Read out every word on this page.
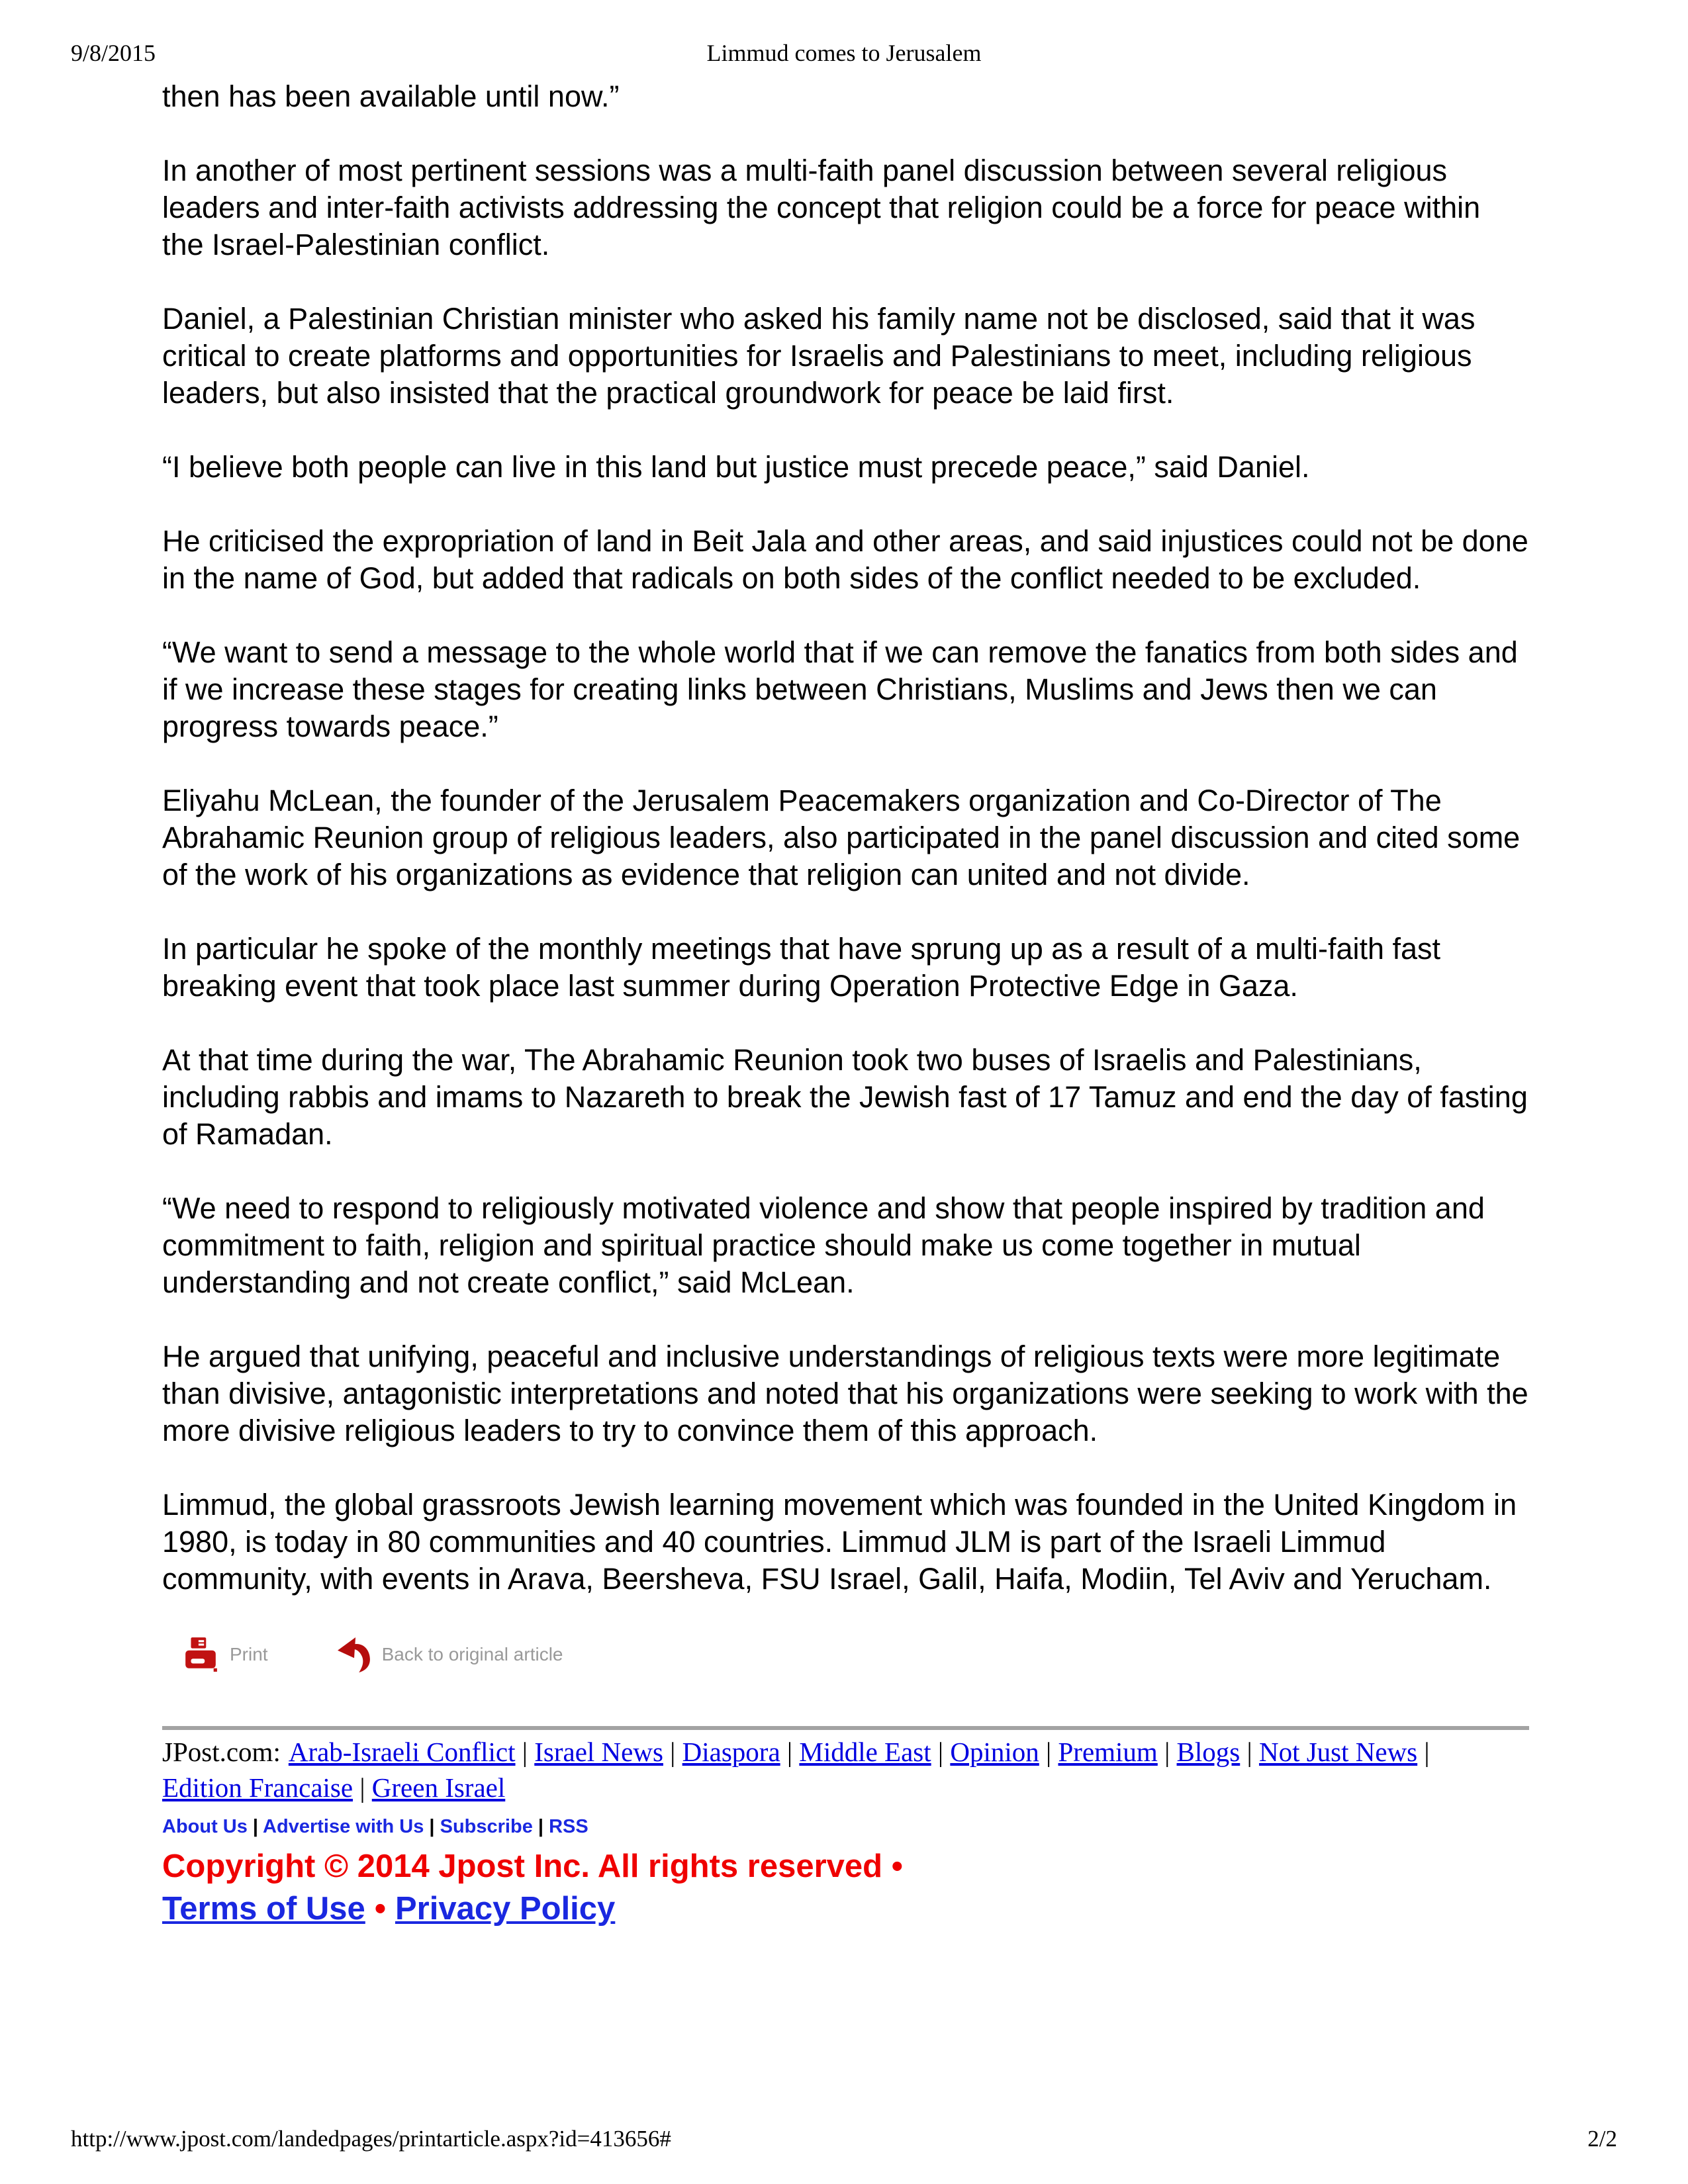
9/8/2015	Limmud comes to Jerusalem

then has been available until now.”

In another of most pertinent sessions was a multi-faith panel discussion between several religious leaders and inter-faith activists addressing the concept that religion could be a force for peace within the Israel-Palestinian conflict.

Daniel, a Palestinian Christian minister who asked his family name not be disclosed, said that it was critical to create platforms and opportunities for Israelis and Palestinians to meet, including religious leaders, but also insisted that the practical groundwork for peace be laid first.

“I believe both people can live in this land but justice must precede peace,” said Daniel.

He criticised the expropriation of land in Beit Jala and other areas, and said injustices could not be done in the name of God, but added that radicals on both sides of the conflict needed to be excluded.

“We want to send a message to the whole world that if we can remove the fanatics from both sides and if we increase these stages for creating links between Christians, Muslims and Jews then we can progress towards peace.”

Eliyahu McLean, the founder of the Jerusalem Peacemakers organization and Co-Director of The Abrahamic Reunion group of religious leaders, also participated in the panel discussion and cited some of the work of his organizations as evidence that religion can united and not divide.

In particular he spoke of the monthly meetings that have sprung up as a result of a multi-faith fast breaking event that took place last summer during Operation Protective Edge in Gaza.

At that time during the war, The Abrahamic Reunion took two buses of Israelis and Palestinians, including rabbis and imams to Nazareth to break the Jewish fast of 17 Tamuz and end the day of fasting of Ramadan.

“We need to respond to religiously motivated violence and show that people inspired by tradition and commitment to faith, religion and spiritual practice should make us come together in mutual understanding and not create conflict,” said McLean.

He argued that unifying, peaceful and inclusive understandings of religious texts were more legitimate than divisive, antagonistic interpretations and noted that his organizations were seeking to work with the more divisive religious leaders to try to convince them of this approach.

Limmud, the global grassroots Jewish learning movement which was founded in the United Kingdom in 1980, is today in 80 communities and 40 countries. Limmud JLM is part of the Israeli Limmud community, with events in Arava, Beersheva, FSU Israel, Galil, Haifa, Modiin, Tel Aviv and Yerucham.

Print	Back to original article
JPost.com: Arab-Israeli Conflict | Israel News | Diaspora | Middle East | Opinion | Premium | Blogs | Not Just News |
Edition Francaise | Green Israel
About Us | Advertise with Us | Subscribe | RSS
Copyright © 2014 Jpost Inc. All rights reserved •
Terms of Use • Privacy Policy
http://www.jpost.com/landedpages/printarticle.aspx?id=413656#	2/2
